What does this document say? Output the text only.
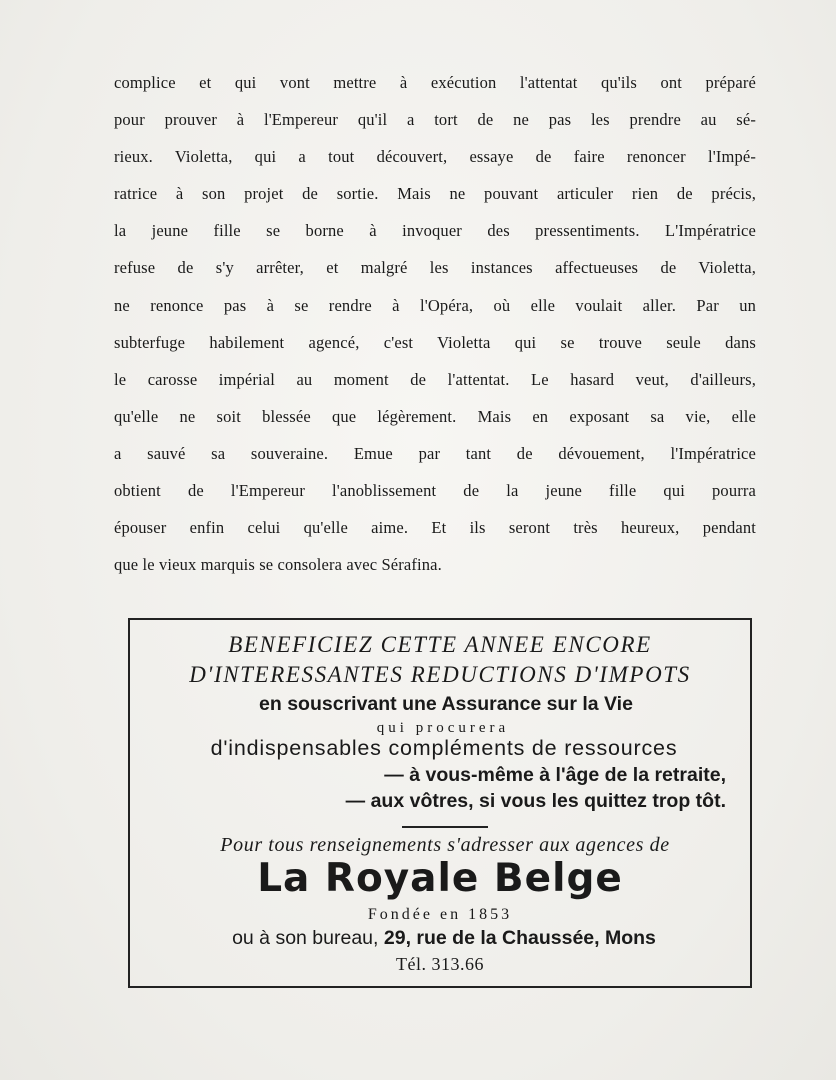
complice et qui vont mettre à exécution l'attentat qu'ils ont préparé
pour prouver à l'Empereur qu'il a tort de ne pas les prendre au sé-
rieux. Violetta, qui a tout découvert, essaye de faire renoncer l'Impé-
ratrice à son projet de sortie. Mais ne pouvant articuler rien de précis,
la jeune fille se borne à invoquer des pressentiments. L'Impératrice
refuse de s'y arrêter, et malgré les instances affectueuses de Violetta,
ne renonce pas à se rendre à l'Opéra, où elle voulait aller. Par un
subterfuge habilement agencé, c'est Violetta qui se trouve seule dans
le carosse impérial au moment de l'attentat. Le hasard veut, d'ailleurs,
qu'elle ne soit blessée que légèrement. Mais en exposant sa vie, elle
a sauvé sa souveraine. Emue par tant de dévouement, l'Impératrice
obtient de l'Empereur l'anoblissement de la jeune fille qui pourra
épouser enfin celui qu'elle aime. Et ils seront très heureux, pendant
que le vieux marquis se consolera avec Sérafina.
BENEFICIEZ CETTE ANNEE ENCORE
D'INTERESSANTES REDUCTIONS D'IMPOTS
en souscrivant une Assurance sur la Vie
qui procurera
d'indispensables compléments de ressources
— à vous-même à l'âge de la retraite,
— aux vôtres, si vous les quittez trop tôt.
Pour tous renseignements s'adresser aux agences de
La Royale Belge
Fondée en 1853
ou à son bureau, 29, rue de la Chaussée, Mons
Tél. 313.66
